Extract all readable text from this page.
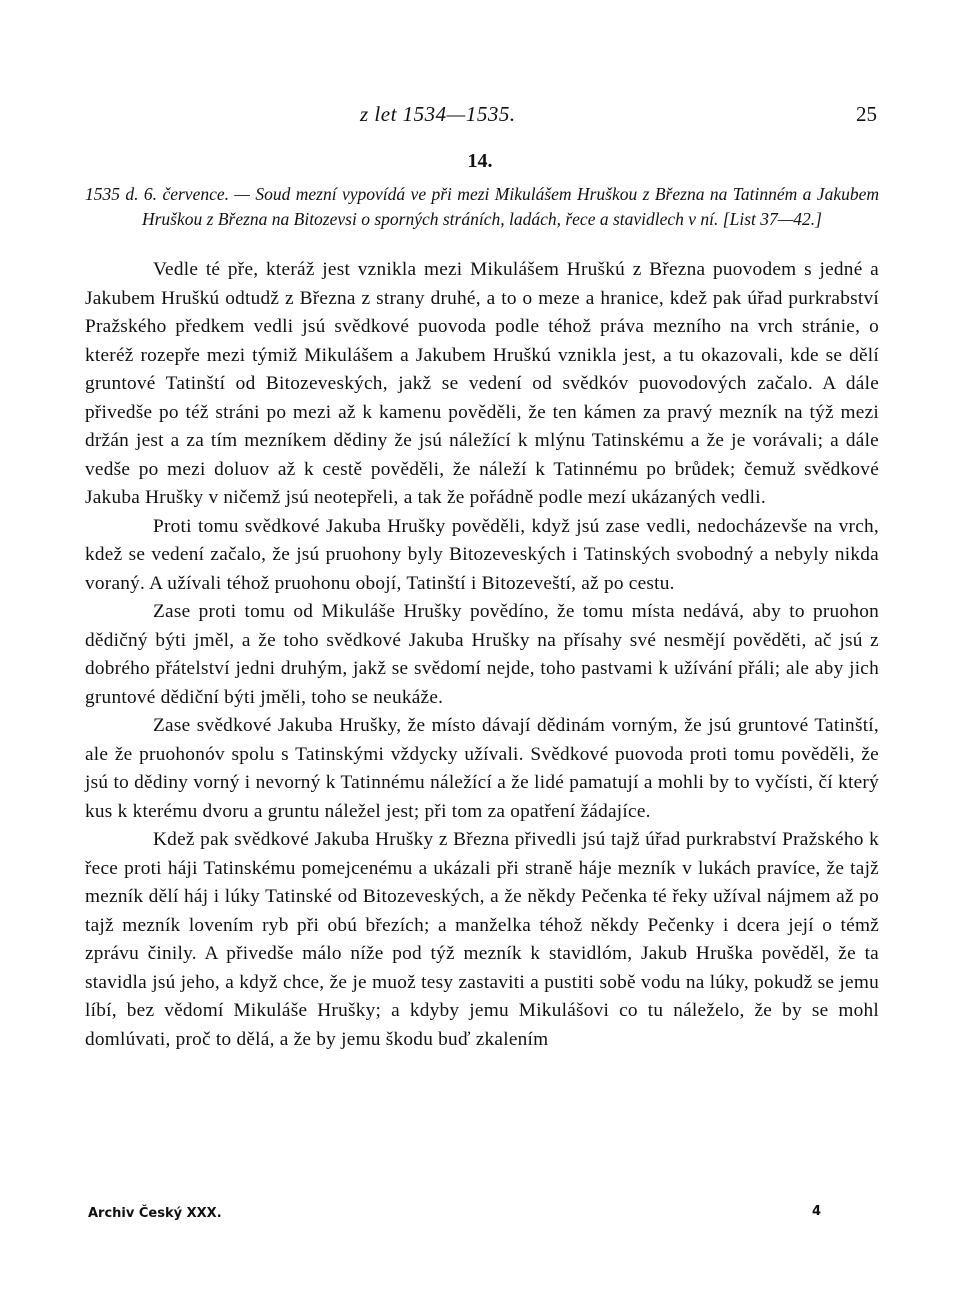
z let 1534—1535.	25
14.
1535 d. 6. července. — Soud mezní vypovídá ve při mezi Mikulášem Hruškou z Března na Tatinném a Jakubem Hruškou z Března na Bitozevsi o sporných stráních, ladách, řece a stavidlech v ní. [List 37—42.]

Vedle té pře, kteráž jest vznikla mezi Mikulášem Hruškú z Března puovodem s jedné a Jakubem Hruškú odtudž z Března z strany druhé, a to o meze a hranice, kdež pak úřad purkrabství Pražského předkem vedli jsú svědkové puovoda podle téhož práva mezního na vrch stránie, o kteréž rozepře mezi týmiž Mikulášem a Jakubem Hruškú vznikla jest, a tu okazovali, kde se dělí gruntové Tatinští od Bitozeveských, jakž se vedení od svědkóv puovodových začalo. A dále přivedše po též stráni po mezi až k kamenu pověděli, že ten kámen za pravý mezník na týž mezi držán jest a za tím mezníkem dědiny že jsú náležící k mlýnu Tatinskému a že je vorávali; a dále vedše po mezi doluov až k cestě pověděli, že náleží k Tatinnému po brůdek; čemuž svědkové Jakuba Hrušky v ničemž jsú neotepřeli, a tak že pořádně podle mezí ukázaných vedli.

Proti tomu svědkové Jakuba Hrušky pověděli, když jsú zase vedli, nedocházevše na vrch, kdež se vedení začalo, že jsú pruohony byly Bitozeveských i Tatinských svobodný a nebyly nikda voraný. A užívali téhož pruohonu obojí, Tatinští i Bitozeveští, až po cestu.

Zase proti tomu od Mikuláše Hrušky povědíno, že tomu místa nedává, aby to pruohon dědičný býti jměl, a že toho svědkové Jakuba Hrušky na přísahy své nesmějí pověděti, ač jsú z dobrého přátelství jedni druhým, jakž se svědomí nejde, toho pastvami k užívání přáli; ale aby jich gruntové dědiční býti jměli, toho se neukáže.

Zase svědkové Jakuba Hrušky, že místo dávají dědinám vorným, že jsú gruntové Tatinští, ale že pruohonóv spolu s Tatinskými vždycky užívali. Svědkové puovoda proti tomu pověděli, že jsú to dědiny vorný i nevorný k Tatinnému náležící a že lidé pamatují a mohli by to vyčísti, čí který kus k kterému dvoru a gruntu náležel jest; při tom za opatření žádajíce.

Kdež pak svědkové Jakuba Hrušky z Března přivedli jsú tajž úřad purkrabství Pražského k řece proti háji Tatinskému pomejcenému a ukázali při straně háje mezník v lukách pravíce, že tajž mezník dělí háj i lúky Tatinské od Bitozeveských, a že někdy Pečenka té řeky užíval nájmem až po tajž mezník lovením ryb při obú březích; a manželka téhož někdy Pečenky i dcera její o témž zprávu činily. A přivedše málo níže pod týž mezník k stavidlóm, Jakub Hruška pověděl, že ta stavidla jsú jeho, a když chce, že je muož tesy zastaviti a pustiti sobě vodu na lúky, pokudž se jemu líbí, bez vědomí Mikuláše Hrušky; a kdyby jemu Mikulášovi co tu náleželo, že by se mohl domlúvati, proč to dělá, a že by jemu škodu buď zkalením

Archiv Český XXX.	4
